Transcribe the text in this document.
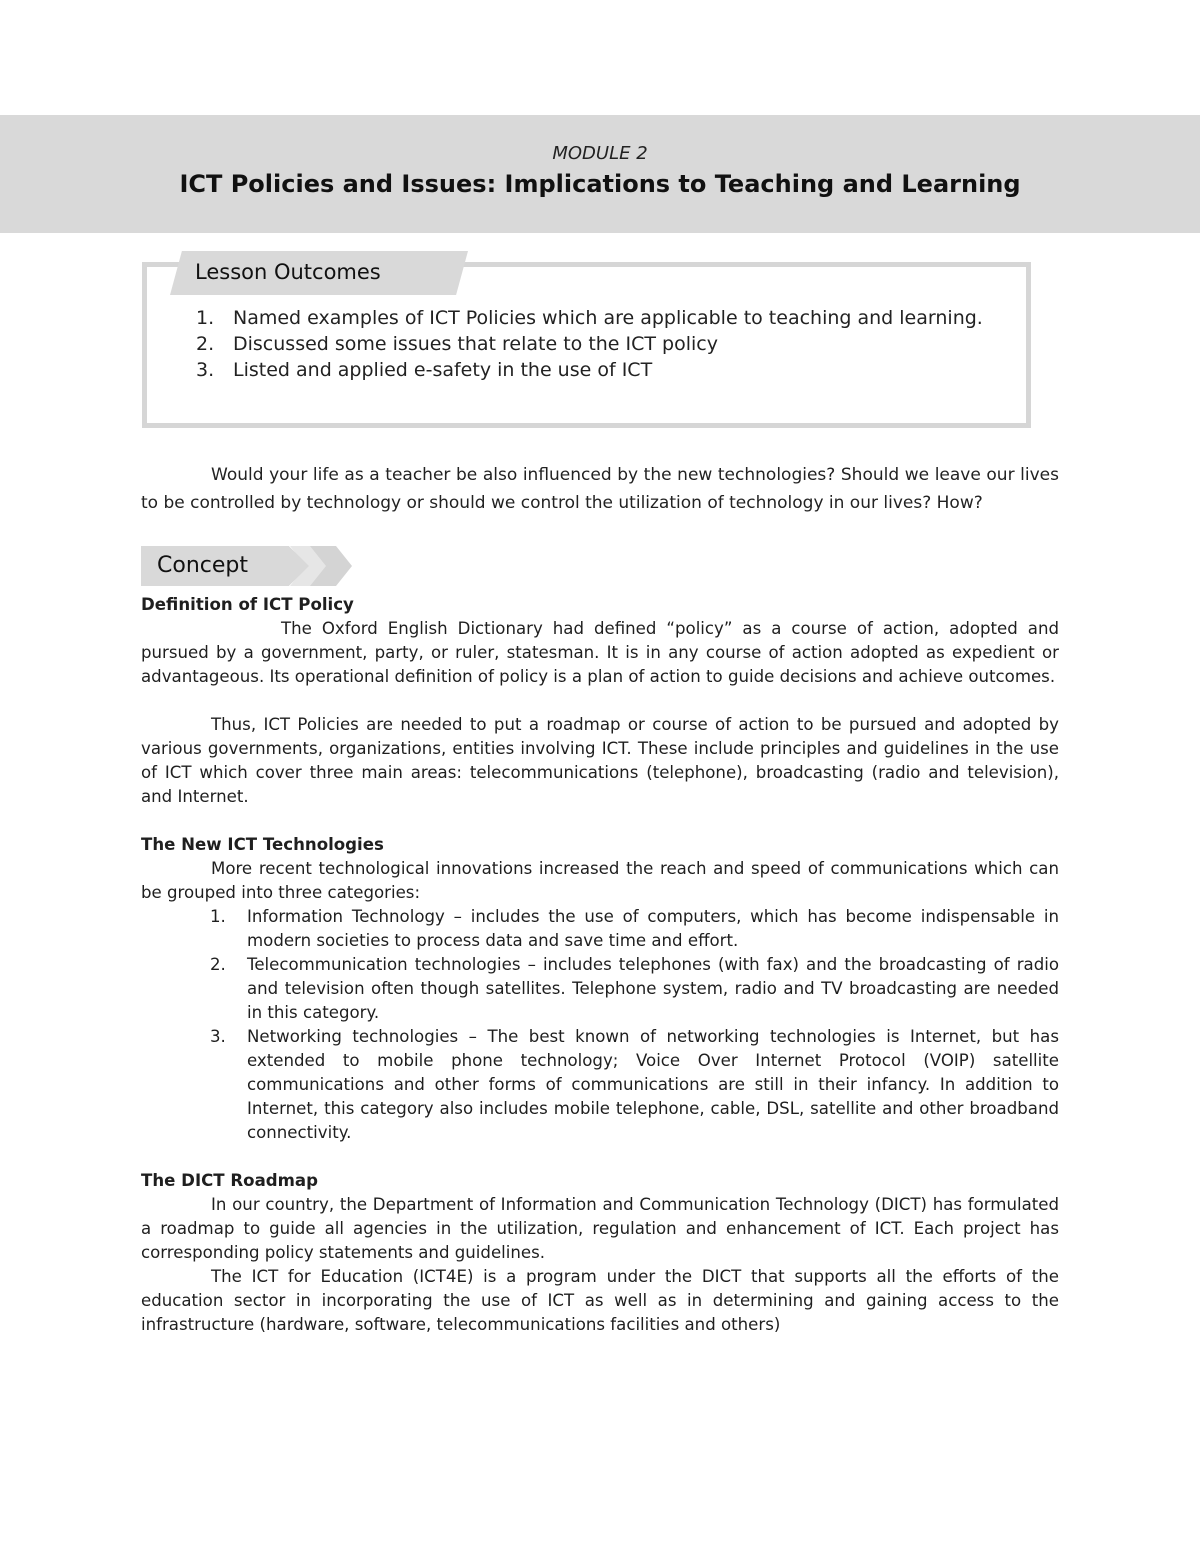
MODULE 2
ICT Policies and Issues: Implications to Teaching and Learning
Lesson Outcomes
1. Named examples of ICT Policies which are applicable to teaching and learning.
2. Discussed some issues that relate to the ICT policy
3. Listed and applied e-safety in the use of ICT

Would your life as a teacher be also influenced by the new technologies? Should we leave our lives to be controlled by technology or should we control the utilization of technology in our lives? How?

Concept
Definition of ICT Policy

The Oxford English Dictionary had defined “policy” as a course of action, adopted and pursued by a government, party, or ruler, statesman. It is in any course of action adopted as expedient or advantageous. Its operational definition of policy is a plan of action to guide decisions and achieve outcomes.

Thus, ICT Policies are needed to put a roadmap or course of action to be pursued and adopted by various governments, organizations, entities involving ICT. These include principles and guidelines in the use of ICT which cover three main areas: telecommunications (telephone), broadcasting (radio and television), and Internet.

The New ICT Technologies

More recent technological innovations increased the reach and speed of communications which can be grouped into three categories:

1. Information Technology – includes the use of computers, which has become indispensable in modern societies to process data and save time and effort.
2. Telecommunication technologies – includes telephones (with fax) and the broadcasting of radio and television often though satellites. Telephone system, radio and TV broadcasting are needed in this category.
3. Networking technologies – The best known of networking technologies is Internet, but has extended to mobile phone technology; Voice Over Internet Protocol (VOIP) satellite communications and other forms of communications are still in their infancy. In addition to Internet, this category also includes mobile telephone, cable, DSL, satellite and other broadband connectivity.
The DICT Roadmap

In our country, the Department of Information and Communication Technology (DICT) has formulated a roadmap to guide all agencies in the utilization, regulation and enhancement of ICT. Each project has corresponding policy statements and guidelines.

The ICT for Education (ICT4E) is a program under the DICT that supports all the efforts of the education sector in incorporating the use of ICT as well as in determining and gaining access to the infrastructure (hardware, software, telecommunications facilities and others)
